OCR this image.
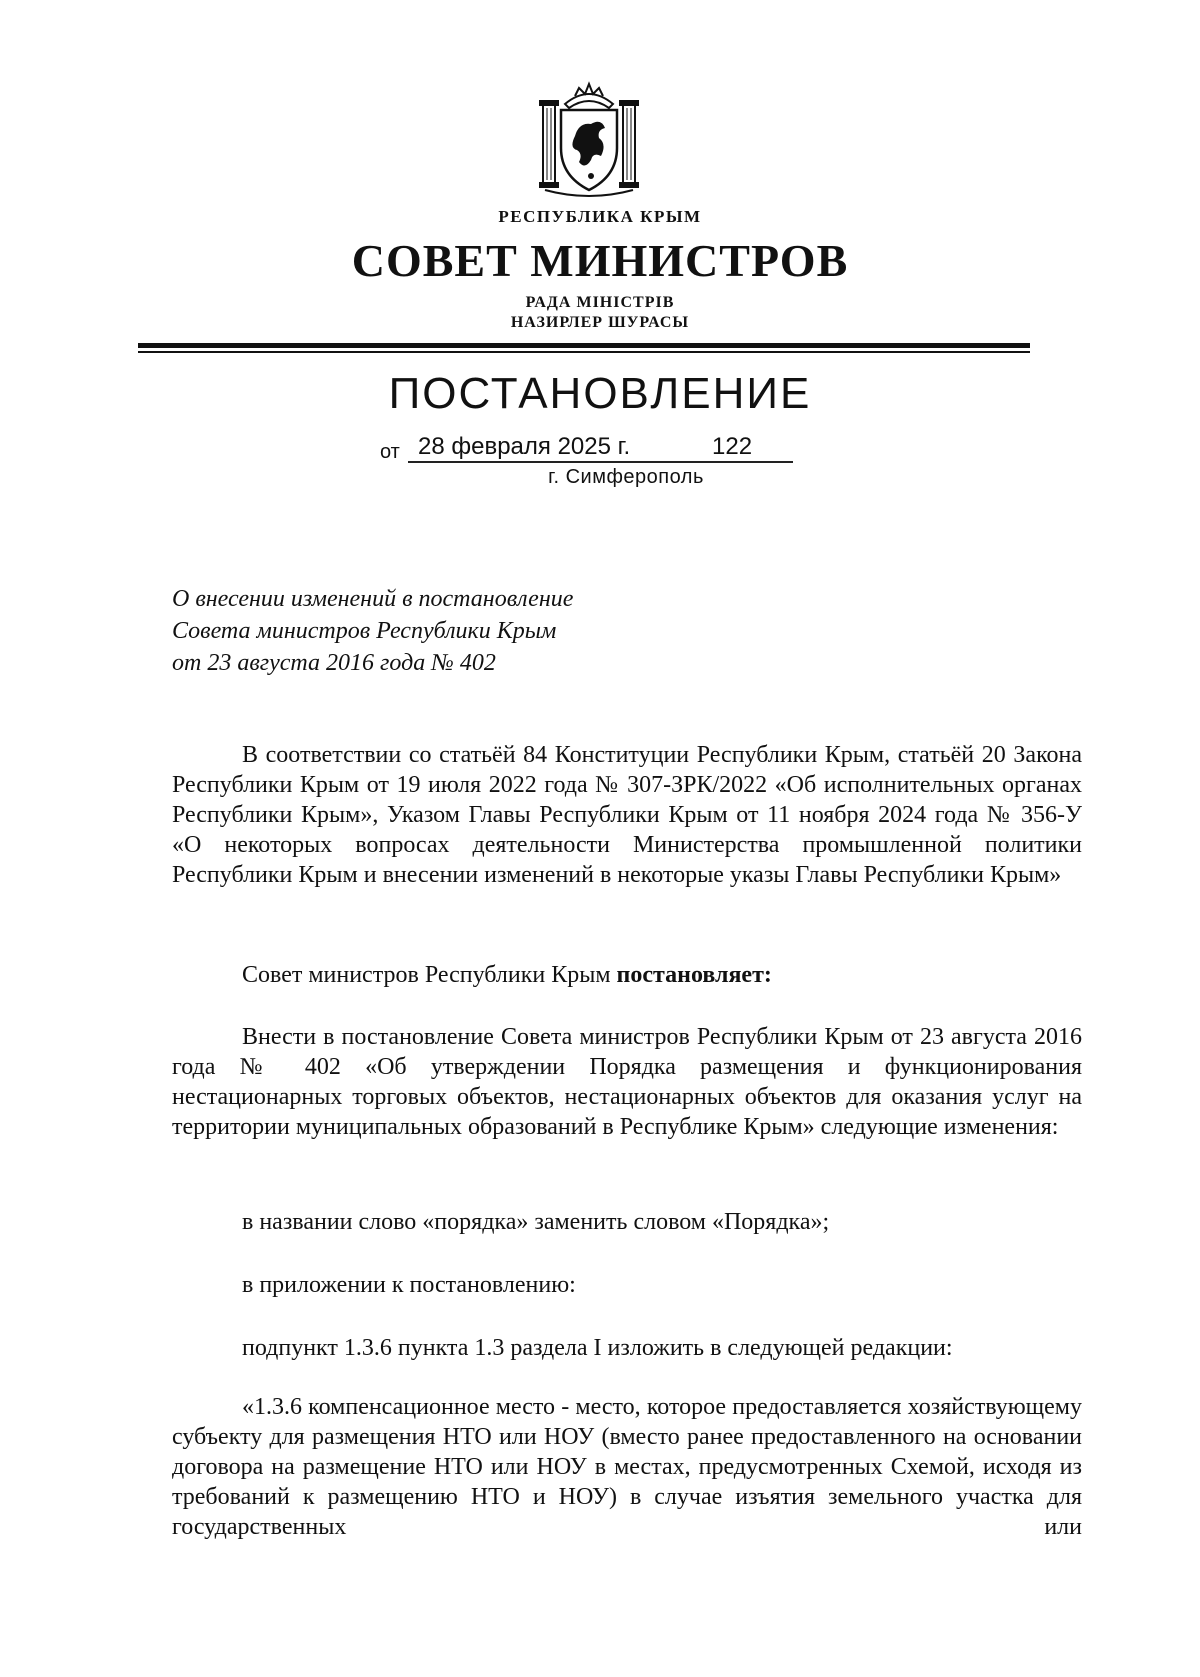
РЕСПУБЛИКА КРЫМ
СОВЕТ МИНИСТРОВ
РАДА МІНІСТРІВ
НАЗИРЛЕР ШУРАСЫ
ПОСТАНОВЛЕНИЕ
от 28 февраля 2025 г.	122
г. Симферополь
О внесении изменений в постановление
Совета министров Республики Крым
от 23 августа 2016 года № 402
В соответствии со статьёй 84 Конституции Республики Крым, статьёй 20 Закона Республики Крым от 19 июля 2022 года № 307-ЗРК/2022 «Об исполнительных органах Республики Крым», Указом Главы Республики Крым от 11 ноября 2024 года № 356-У «О некоторых вопросах деятельности Министерства промышленной политики Республики Крым и внесении изменений в некоторые указы Главы Республики Крым»
Совет министров Республики Крым постановляет:
Внести в постановление Совета министров Республики Крым от 23 августа 2016 года № 402 «Об утверждении Порядка размещения и функционирования нестационарных торговых объектов, нестационарных объектов для оказания услуг на территории муниципальных образований в Республике Крым» следующие изменения:
в названии слово «порядка» заменить словом «Порядка»;
в приложении к постановлению:
подпункт 1.3.6 пункта 1.3 раздела I изложить в следующей редакции:
«1.3.6 компенсационное место - место, которое предоставляется хозяйствующему субъекту для размещения НТО или НОУ (вместо ранее предоставленного на основании договора на размещение НТО или НОУ в местах, предусмотренных Схемой, исходя из требований к размещению НТО и НОУ) в случае изъятия земельного участка для государственных или
